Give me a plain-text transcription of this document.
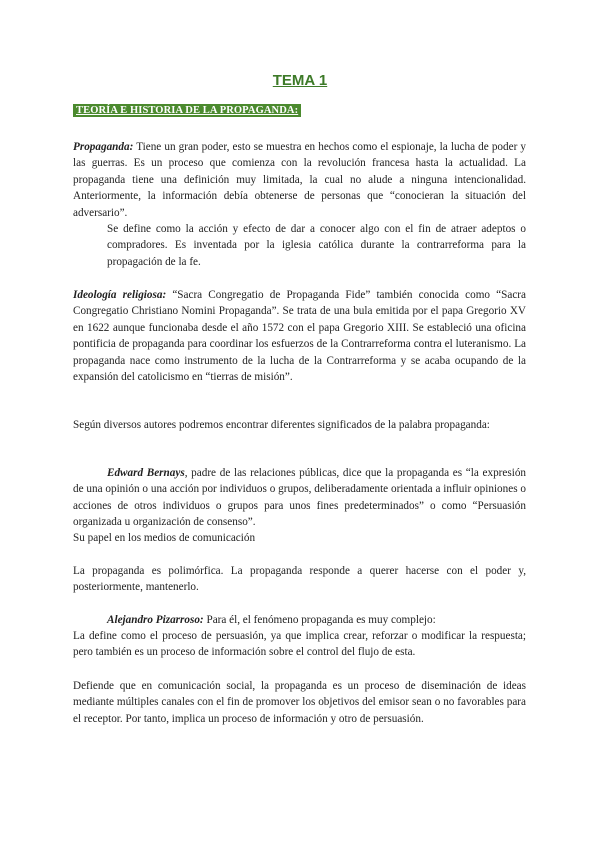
TEMA 1
TEORÍA E HISTORIA DE LA PROPAGANDA:

Propaganda: Tiene un gran poder, esto se muestra en hechos como el espionaje, la lucha de poder y las guerras. Es un proceso que comienza con la revolución francesa hasta la actualidad. La propaganda tiene una definición muy limitada, la cual no alude a ninguna intencionalidad. Anteriormente, la información debía obtenerse de personas que “conocieran la situación del adversario”.

Se define como la acción y efecto de dar a conocer algo con el fin de atraer adeptos o compradores. Es inventada por la iglesia católica durante la contrarreforma para la propagación de la fe.

Ideología religiosa: “Sacra Congregatio de Propaganda Fide” también conocida como “Sacra Congregatio Christiano Nomini Propaganda”. Se trata de una bula emitida por el papa Gregorio XV en 1622 aunque funcionaba desde el año 1572 con el papa Gregorio XIII. Se estableció una oficina pontificia de propaganda para coordinar los esfuerzos de la Contrarreforma contra el luteranismo. La propaganda nace como instrumento de la lucha de la Contrarreforma y se acaba ocupando de la expansión del catolicismo en “tierras de misión”.

Según diversos autores podremos encontrar diferentes significados de la palabra propaganda:

Edward Bernays, padre de las relaciones públicas, dice que la propaganda es “la expresión de una opinión o una acción por individuos o grupos, deliberadamente orientada a influir opiniones o acciones de otros individuos o grupos para unos fines predeterminados” o como “Persuasión organizada u organización de consenso”.

Su papel en los medios de comunicación

La propaganda es polimórfica. La propaganda responde a querer hacerse con el poder y, posteriormente, mantenerlo.

Alejandro Pizarroso: Para él, el fenómeno propaganda es muy complejo:

La define como el proceso de persuasión, ya que implica crear, reforzar o modificar la respuesta; pero también es un proceso de información sobre el control del flujo de esta.

Defiende que en comunicación social, la propaganda es un proceso de diseminación de ideas mediante múltiples canales con el fin de promover los objetivos del emisor sean o no favorables para el receptor. Por tanto, implica un proceso de información y otro de persuasión.
